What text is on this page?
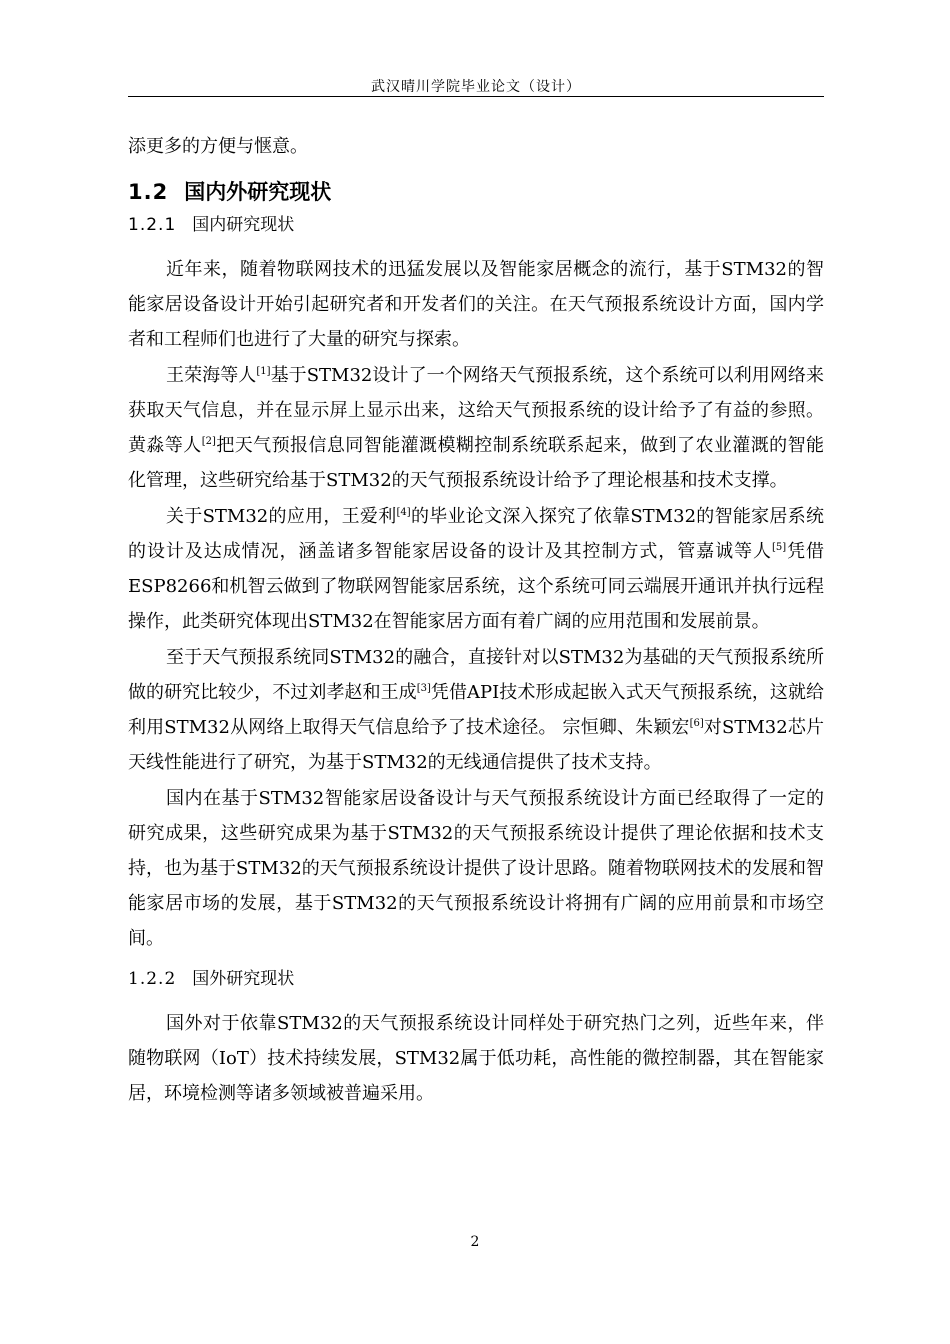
武汉晴川学院毕业论文（设计）

添更多的方便与惬意。

1.2 国内外研究现状
1.2.1 国内研究现状

近年来，随着物联网技术的迅猛发展以及智能家居概念的流行，基于STM32的智能家居设备设计开始引起研究者和开发者们的关注。在天气预报系统设计方面，国内学者和工程师们也进行了大量的研究与探索。

王荣海等人[1]基于STM32设计了一个网络天气预报系统，这个系统可以利用网络来获取天气信息，并在显示屏上显示出来，这给天气预报系统的设计给予了有益的参照。黄淼等人[2]把天气预报信息同智能灌溉模糊控制系统联系起来，做到了农业灌溉的智能化管理，这些研究给基于STM32的天气预报系统设计给予了理论根基和技术支撑。

关于STM32的应用，王爱利[4]的毕业论文深入探究了依靠STM32的智能家居系统的设计及达成情况，涵盖诸多智能家居设备的设计及其控制方式，管嘉诚等人[5]凭借ESP8266和机智云做到了物联网智能家居系统，这个系统可同云端展开通讯并执行远程操作，此类研究体现出STM32在智能家居方面有着广阔的应用范围和发展前景。

至于天气预报系统同STM32的融合，直接针对以STM32为基础的天气预报系统所做的研究比较少，不过刘孝赵和王成[3]凭借API技术形成起嵌入式天气预报系统，这就给利用STM32从网络上取得天气信息给予了技术途径。 宗恒卿、朱颖宏[6]对STM32芯片天线性能进行了研究，为基于STM32的无线通信提供了技术支持。

国内在基于STM32智能家居设备设计与天气预报系统设计方面已经取得了一定的研究成果，这些研究成果为基于STM32的天气预报系统设计提供了理论依据和技术支持，也为基于STM32的天气预报系统设计提供了设计思路。随着物联网技术的发展和智能家居市场的发展，基于STM32的天气预报系统设计将拥有广阔的应用前景和市场空间。

1.2.2 国外研究现状

国外对于依靠STM32的天气预报系统设计同样处于研究热门之列，近些年来，伴随物联网（IoT）技术持续发展，STM32属于低功耗，高性能的微控制器，其在智能家居，环境检测等诸多领域被普遍采用。

2
